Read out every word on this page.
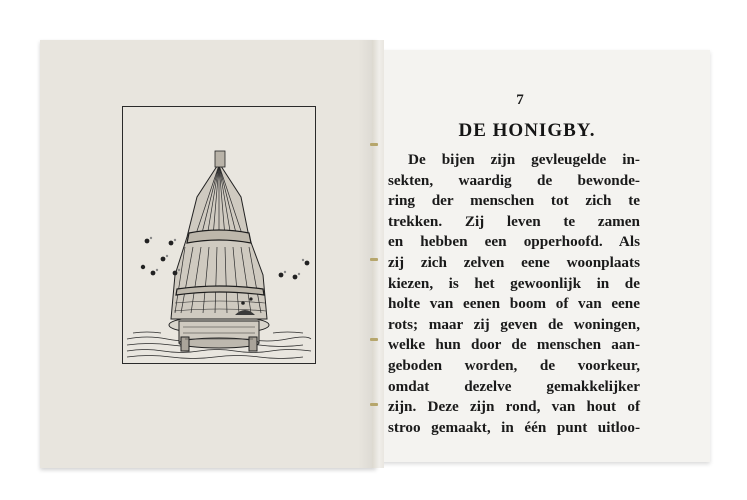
7
DE HONIGBY.
De bijen zijn gevleugelde in-
sekten, waardig de bewonde-
ring der menschen tot zich te
trekken. Zij leven te zamen
en hebben een opperhoofd. Als
zij zich zelven eene woonplaats
kiezen, is het gewoonlijk in de
holte van eenen boom of van eene
rots; maar zij geven de woningen,
welke hun door de menschen aan-
geboden worden, de voorkeur,
omdat dezelve gemakkelijker
zijn. Deze zijn rond, van hout of
stroo gemaakt, in één punt uitloo-
